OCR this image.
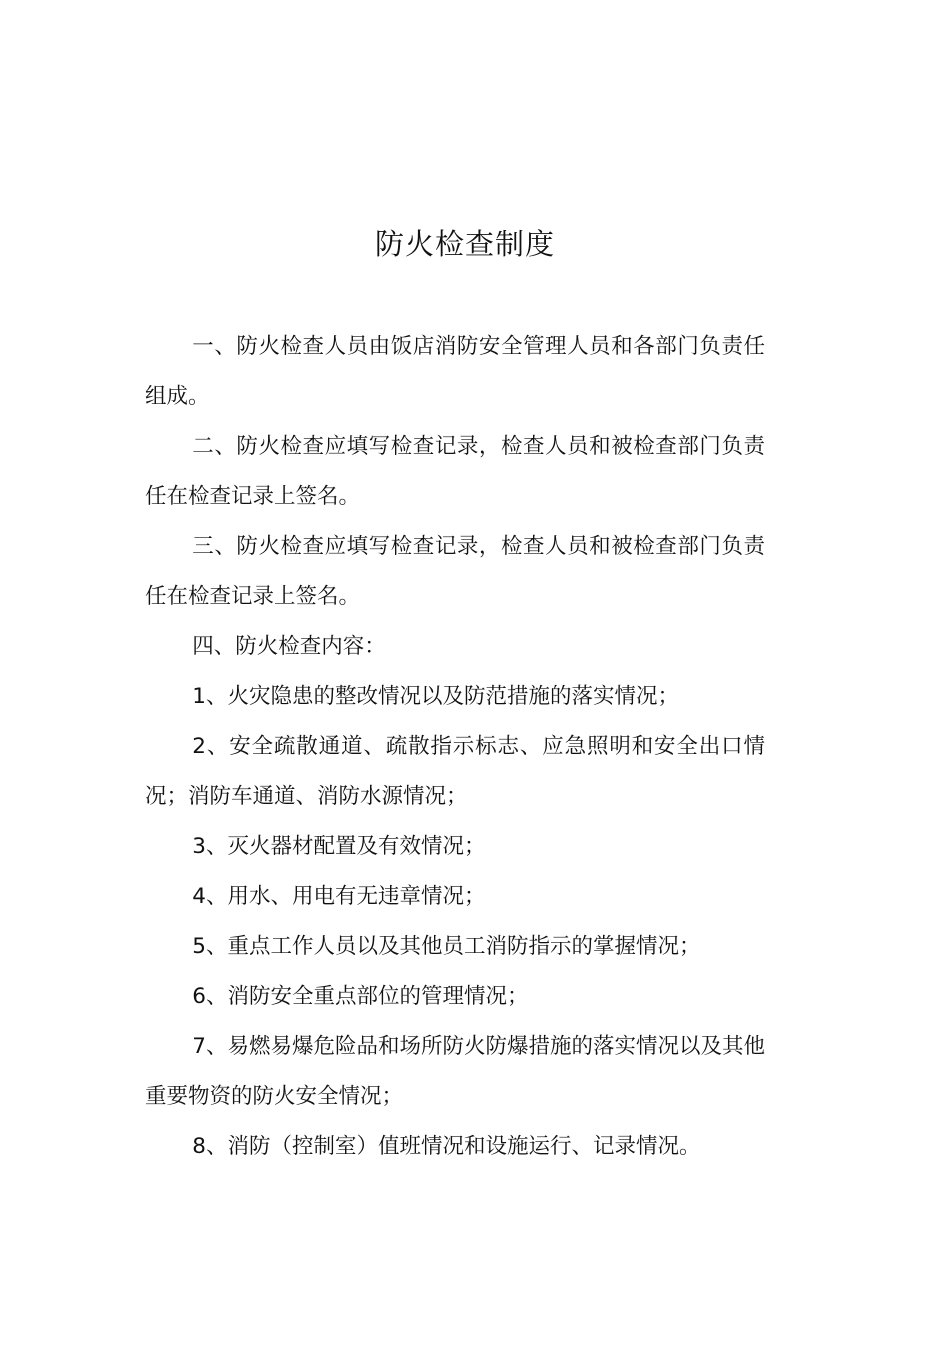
防火检查制度

一、防火检查人员由饭店消防安全管理人员和各部门负责任组成。

二、防火检查应填写检查记录，检查人员和被检查部门负责任在检查记录上签名。

三、防火检查应填写检查记录，检查人员和被检查部门负责任在检查记录上签名。

四、防火检查内容：

1、火灾隐患的整改情况以及防范措施的落实情况；

2、安全疏散通道、疏散指示标志、应急照明和安全出口情况；消防车通道、消防水源情况；

3、灭火器材配置及有效情况；

4、用水、用电有无违章情况；

5、重点工作人员以及其他员工消防指示的掌握情况；

6、消防安全重点部位的管理情况；

7、易燃易爆危险品和场所防火防爆措施的落实情况以及其他重要物资的防火安全情况；

8、消防（控制室）值班情况和设施运行、记录情况。
